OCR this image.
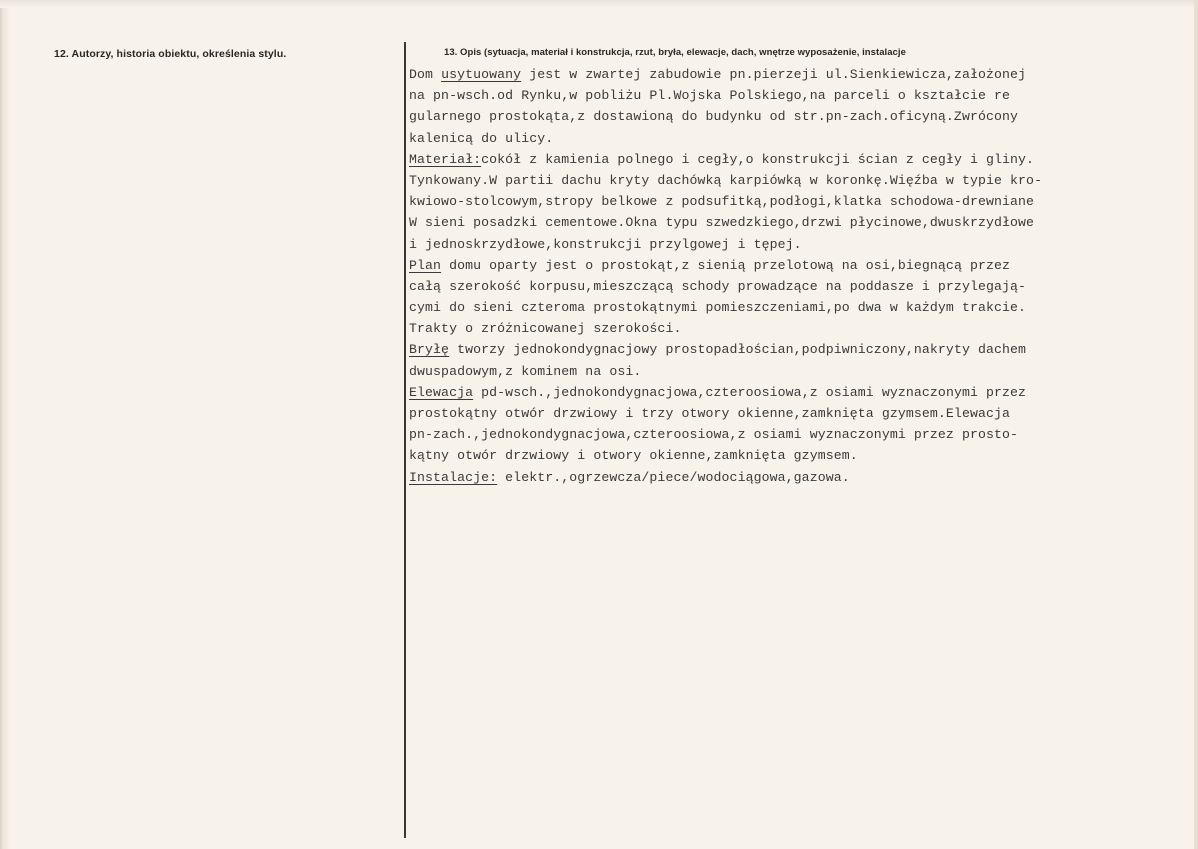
12. Autorzy, historia obiektu, określenia stylu.	13. Opis (sytuacja, materiał i konstrukcja, rzut, bryła, elewacje, dach, wnętrze wyposażenie, instalacje
Dom usytuowany jest w zwartej zabudowie pn.pierzeji ul.Sienkiewicza,założonej
na pn-wsch.od Rynku,w pobliżu Pl.Wojska Polskiego,na parceli o kształcie re
gularnego prostokąta,z dostawioną do budynku od str.pn-zach.oficyną.Zwrócony
kalenicą do ulicy.
Materiał:cokół z kamienia polnego i cegły,o konstrukcji ścian z cegły i gliny.
Tynkowany.W partii dachu kryty dachówką karpiówką w koronkę.Więźba w typie kro-
kwiowo-stolcowym,stropy belkowe z podsufitką,podłogi,klatka schodowa-drewniane
W sieni posadzki cementowe.Okna typu szwedzkiego,drzwi płycinowe,dwuskrzydłowe
i jednoskrzydłowe,konstrukcji przylgowej i tępej.
Plan domu oparty jest o prostokąt,z sienią przelotową na osi,biegnącą przez
całą szerokość korpusu,mieszczącą schody prowadzące na poddasze i przylegają-
cymi do sieni czteroma prostokątnymi pomieszczeniami,po dwa w każdym trakcie.
Trakty o zróżnicowanej szerokości.
Bryłę tworzy jednokondygnacjowy prostopadłościan,podpiwniczony,nakryty dachem
dwuspadowym,z kominem na osi.
Elewacja pd-wsch.,jednokondygnacjowa,czteroosiowa,z osiami wyznaczonymi przez
prostokątny otwór drzwiowy i trzy otwory okienne,zamknięta gzymsem.Elewacja
pn-zach.,jednokondygnacjowa,czteroosiowa,z osiami wyznaczonymi przez prosto-
kątny otwór drzwiowy i otwory okienne,zamknięta gzymsem.
Instalacje: elektr.,ogrzewcza/piece/wodociągowa,gazowa.
